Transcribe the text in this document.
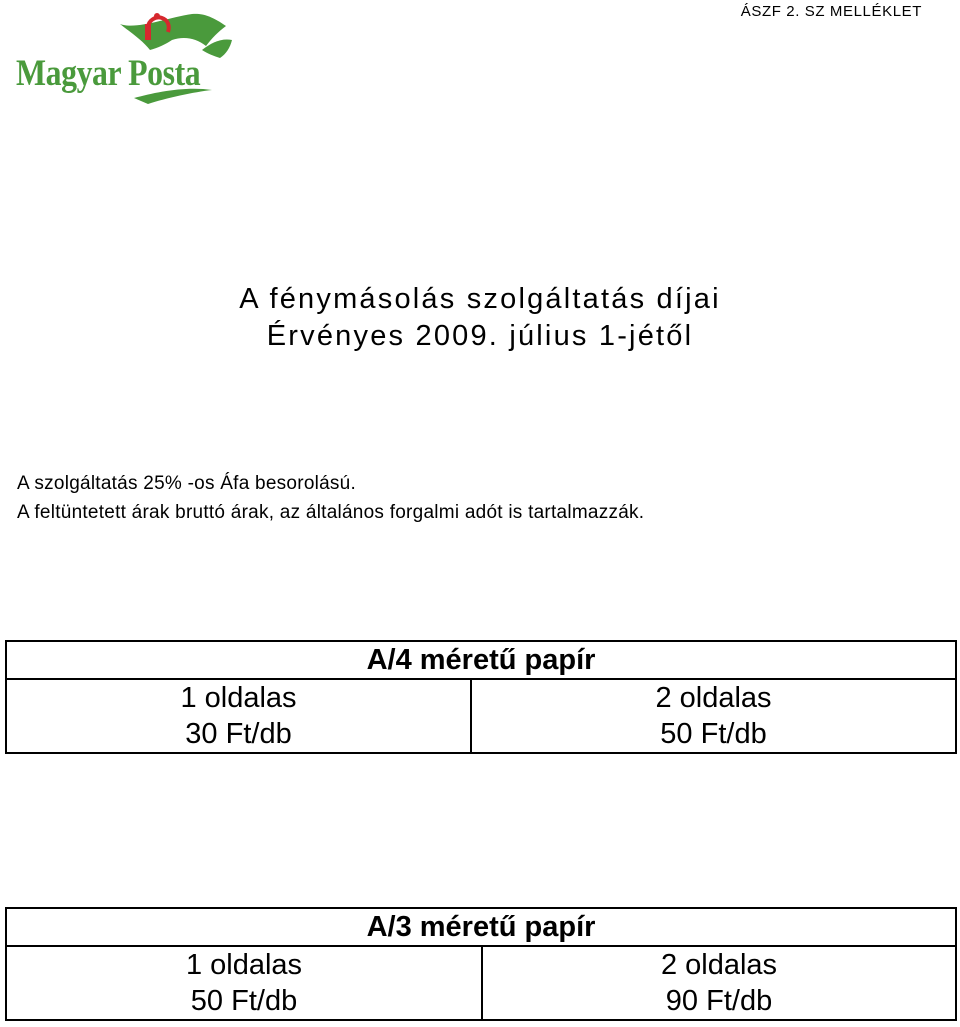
ÁSZF 2. SZ MELLÉKLET
Magyar Posta
A fénymásolás szolgáltatás díjai
Érvényes 2009. július 1-jétől
A szolgáltatás 25% -os Áfa besorolású.
A feltüntetett árak bruttó árak, az általános forgalmi adót is tartalmazzák.
A/4 méretű papír	
1 oldalas	2 oldalas
30 Ft/db	50 Ft/db
A/3 méretű papír	
1 oldalas	2 oldalas
50 Ft/db	90 Ft/db
